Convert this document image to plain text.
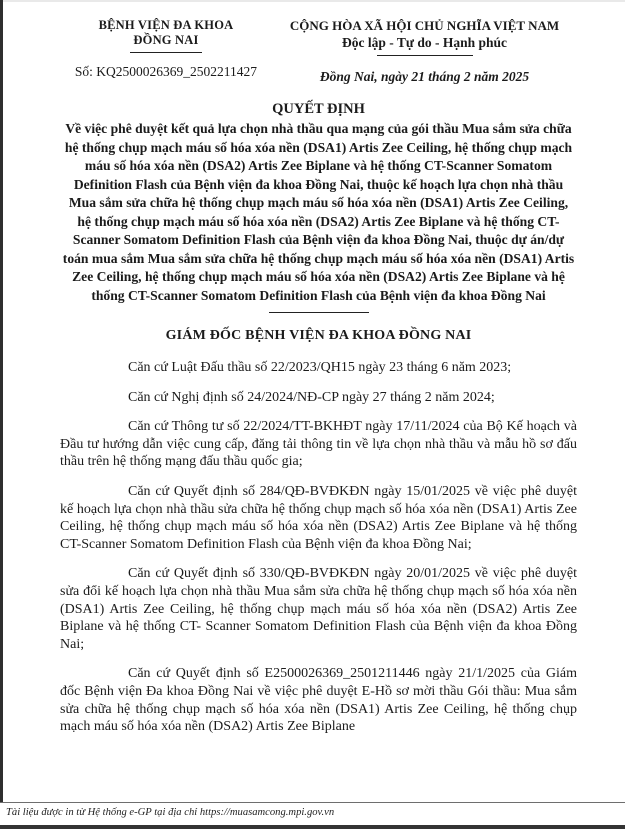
BỆNH VIỆN ĐA KHOA
ĐỒNG NAI
Số: KQ2500026369_2502211427
CỘNG HÒA XÃ HỘI CHỦ NGHĨA VIỆT NAM
Độc lập - Tự do - Hạnh phúc
Đồng Nai, ngày 21 tháng 2 năm 2025
QUYẾT ĐỊNH
Về việc phê duyệt kết quả lựa chọn nhà thầu qua mạng của gói thầu Mua sắm sửa chữa hệ thống chụp mạch máu số hóa xóa nền (DSA1) Artis Zee Ceiling, hệ thống chụp mạch máu số hóa xóa nền (DSA2) Artis Zee Biplane và hệ thống CT-Scanner Somatom Definition Flash của Bệnh viện đa khoa Đồng Nai, thuộc kế hoạch lựa chọn nhà thầu Mua sắm sửa chữa hệ thống chụp mạch máu số hóa xóa nền (DSA1) Artis Zee Ceiling, hệ thống chụp mạch máu số hóa xóa nền (DSA2) Artis Zee Biplane và hệ thống CT-Scanner Somatom Definition Flash của Bệnh viện đa khoa Đồng Nai, thuộc dự án/dự toán mua sắm Mua sắm sửa chữa hệ thống chụp mạch máu số hóa xóa nền (DSA1) Artis Zee Ceiling, hệ thống chụp mạch máu số hóa xóa nền (DSA2) Artis Zee Biplane và hệ thống CT-Scanner Somatom Definition Flash của Bệnh viện đa khoa Đồng Nai
GIÁM ĐỐC BỆNH VIỆN ĐA KHOA ĐỒNG NAI

Căn cứ Luật Đấu thầu số 22/2023/QH15 ngày 23 tháng 6 năm 2023;

Căn cứ Nghị định số 24/2024/NĐ-CP ngày 27 tháng 2 năm 2024;

Căn cứ Thông tư số 22/2024/TT-BKHĐT ngày 17/11/2024 của Bộ Kế hoạch và Đầu tư hướng dẫn việc cung cấp, đăng tải thông tin về lựa chọn nhà thầu và mẫu hồ sơ đấu thầu trên hệ thống mạng đấu thầu quốc gia;

Căn cứ Quyết định số 284/QĐ-BVĐKĐN ngày 15/01/2025 về việc phê duyệt kế hoạch lựa chọn nhà thầu sửa chữa hệ thống chụp mạch số hóa xóa nền (DSA1) Artis Zee Ceiling, hệ thống chụp mạch máu số hóa xóa nền (DSA2) Artis Zee Biplane và hệ thống CT-Scanner Somatom Definition Flash của Bệnh viện đa khoa Đồng Nai;

Căn cứ Quyết định số 330/QĐ-BVĐKĐN ngày 20/01/2025 về việc phê duyệt sửa đổi kế hoạch lựa chọn nhà thầu Mua sắm sửa chữa hệ thống chụp mạch số hóa xóa nền (DSA1) Artis Zee Ceiling, hệ thống chụp mạch máu số hóa xóa nền (DSA2) Artis Zee Biplane và hệ thống CT- Scanner Somatom Definition Flash của Bệnh viện đa khoa Đồng Nai;

Căn cứ Quyết định số E2500026369_2501211446 ngày 21/1/2025 của Giám đốc Bệnh viện Đa khoa Đồng Nai về việc phê duyệt E-Hồ sơ mời thầu Gói thầu: Mua sắm sửa chữa hệ thống chụp mạch số hóa xóa nền (DSA1) Artis Zee Ceiling, hệ thống chụp mạch máu số hóa xóa nền (DSA2) Artis Zee Biplane

Tài liệu được in từ Hệ thống e-GP tại địa chỉ https://muasamcong.mpi.gov.vn
